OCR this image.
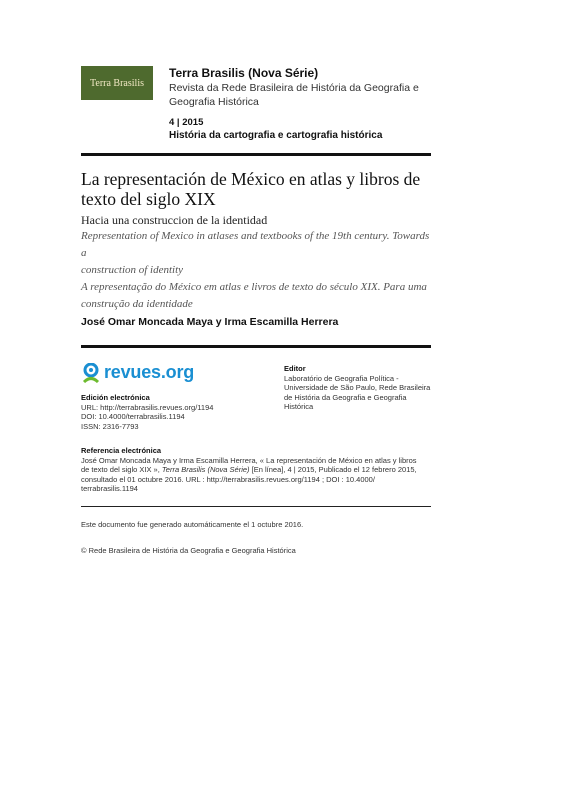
Terra Brasilis
Terra Brasilis (Nova Série)
Revista da Rede Brasileira de História da Geografia e
Geografia Histórica
4 | 2015
História da cartografia e cartografia histórica
La representación de México en atlas y libros de
texto del siglo XIX
Hacia una construccion de la identidad
Representation of Mexico in atlases and textbooks of the 19th century. Towards a
construction of identity
A representação do México em atlas e livros de texto do século XIX. Para uma
construção da identidade
José Omar Moncada Maya y Irma Escamilla Herrera
revues.org
Edición electrónica
URL: http://terrabrasilis.revues.org/1194
DOI: 10.4000/terrabrasilis.1194
ISSN: 2316-7793
Editor
Laboratório de Geografia Política -
Universidade de São Paulo, Rede Brasileira
de História da Geografia e Geografia
Histórica
Referencia electrónica
José Omar Moncada Maya y Irma Escamilla Herrera, « La representación de México en atlas y libros
de texto del siglo XIX », Terra Brasilis (Nova Série) [En línea], 4 | 2015, Publicado el 12 febrero 2015,
consultado el 01 octubre 2016. URL : http://terrabrasilis.revues.org/1194 ; DOI : 10.4000/
terrabrasilis.1194
Este documento fue generado automáticamente el 1 octubre 2016.
© Rede Brasileira de História da Geografia e Geografia Histórica
